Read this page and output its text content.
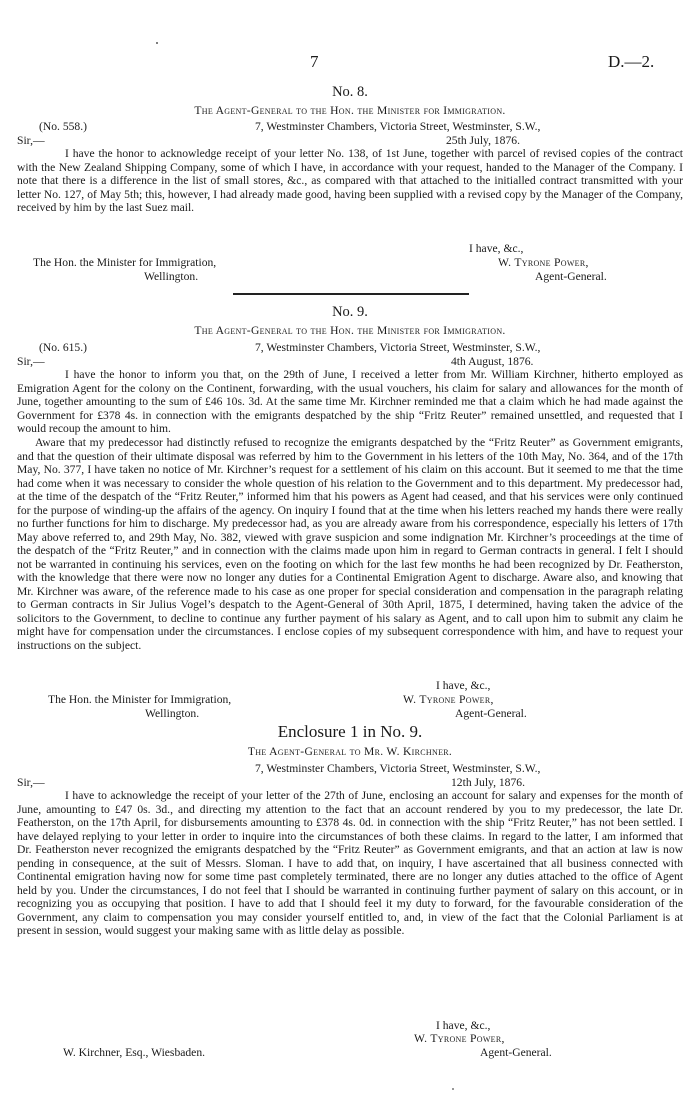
7	D.—2.
No. 8.
The Agent-General to the Hon. the Minister for Immigration.
(No. 558.)	7, Westminster Chambers, Victoria Street, Westminster, S.W.,
Sir,—	25th July, 1876.
I have the honor to acknowledge receipt of your letter No. 138, of 1st June, together with parcel of revised copies of the contract with the New Zealand Shipping Company, some of which I have, in accordance with your request, handed to the Manager of the Company. I note that there is a difference in the list of small stores, &c., as compared with that attached to the initialled contract transmitted with your letter No. 127, of May 5th; this, however, I had already made good, having been supplied with a revised copy by the Manager of the Company, received by him by the last Suez mail.
I have, &c.,
The Hon. the Minister for Immigration,	W. Tyrone Power,
Wellington.	Agent-General.
No. 9.
The Agent-General to the Hon. the Minister for Immigration.
(No. 615.)	7, Westminster Chambers, Victoria Street, Westminster, S.W.,
Sir,—	4th August, 1876.
I have the honor to inform you that, on the 29th of June, I received a letter from Mr. William Kirchner, hitherto employed as Emigration Agent for the colony on the Continent, forwarding, with the usual vouchers, his claim for salary and allowances for the month of June, together amounting to the sum of £46 10s. 3d. At the same time Mr. Kirchner reminded me that a claim which he had made against the Government for £378 4s. in connection with the emigrants despatched by the ship “Fritz Reuter” remained unsettled, and requested that I would recoup the amount to him.
Aware that my predecessor had distinctly refused to recognize the emigrants despatched by the “Fritz Reuter” as Government emigrants, and that the question of their ultimate disposal was referred by him to the Government in his letters of the 10th May, No. 364, and of the 17th May, No. 377, I have taken no notice of Mr. Kirchner’s request for a settlement of his claim on this account. But it seemed to me that the time had come when it was necessary to consider the whole question of his relation to the Government and to this department. My predecessor had, at the time of the despatch of the “Fritz Reuter,” informed him that his powers as Agent had ceased, and that his services were only continued for the purpose of winding-up the affairs of the agency. On inquiry I found that at the time when his letters reached my hands there were really no further functions for him to discharge. My predecessor had, as you are already aware from his correspondence, especially his letters of 17th May above referred to, and 29th May, No. 382, viewed with grave suspicion and some indignation Mr. Kirchner’s proceedings at the time of the despatch of the “Fritz Reuter,” and in connection with the claims made upon him in regard to German contracts in general. I felt I should not be warranted in continuing his services, even on the footing on which for the last few months he had been recognized by Dr. Featherston, with the knowledge that there were now no longer any duties for a Continental Emigration Agent to discharge. Aware also, and knowing that Mr. Kirchner was aware, of the reference made to his case as one proper for special consideration and compensation in the paragraph relating to German contracts in Sir Julius Vogel’s despatch to the Agent-General of 30th April, 1875, I determined, having taken the advice of the solicitors to the Government, to decline to continue any further payment of his salary as Agent, and to call upon him to submit any claim he might have for compensation under the circumstances. I enclose copies of my subsequent correspondence with him, and have to request your instructions on the subject.
I have, &c.,
The Hon. the Minister for Immigration,	W. Tyrone Power,
Wellington.	Agent-General.
Enclosure 1 in No. 9.
The Agent-General to Mr. W. Kirchner.
7, Westminster Chambers, Victoria Street, Westminster, S.W.,
Sir,—	12th July, 1876.
I have to acknowledge the receipt of your letter of the 27th of June, enclosing an account for salary and expenses for the month of June, amounting to £47 0s. 3d., and directing my attention to the fact that an account rendered by you to my predecessor, the late Dr. Featherston, on the 17th April, for disbursements amounting to £378 4s. 0d. in connection with the ship “Fritz Reuter,” has not been settled. I have delayed replying to your letter in order to inquire into the circumstances of both these claims. In regard to the latter, I am informed that Dr. Featherston never recognized the emigrants despatched by the “Fritz Reuter” as Government emigrants, and that an action at law is now pending in consequence, at the suit of Messrs. Sloman. I have to add that, on inquiry, I have ascertained that all business connected with Continental emigration having now for some time past completely terminated, there are no longer any duties attached to the office of Agent held by you. Under the circumstances, I do not feel that I should be warranted in continuing further payment of salary on this account, or in recognizing you as occupying that position. I have to add that I should feel it my duty to forward, for the favourable consideration of the Government, any claim to compensation you may consider yourself entitled to, and, in view of the fact that the Colonial Parliament is at present in session, would suggest your making same with as little delay as possible.
I have, &c.,
W. Tyrone Power,
W. Kirchner, Esq., Wiesbaden.	Agent-General.
